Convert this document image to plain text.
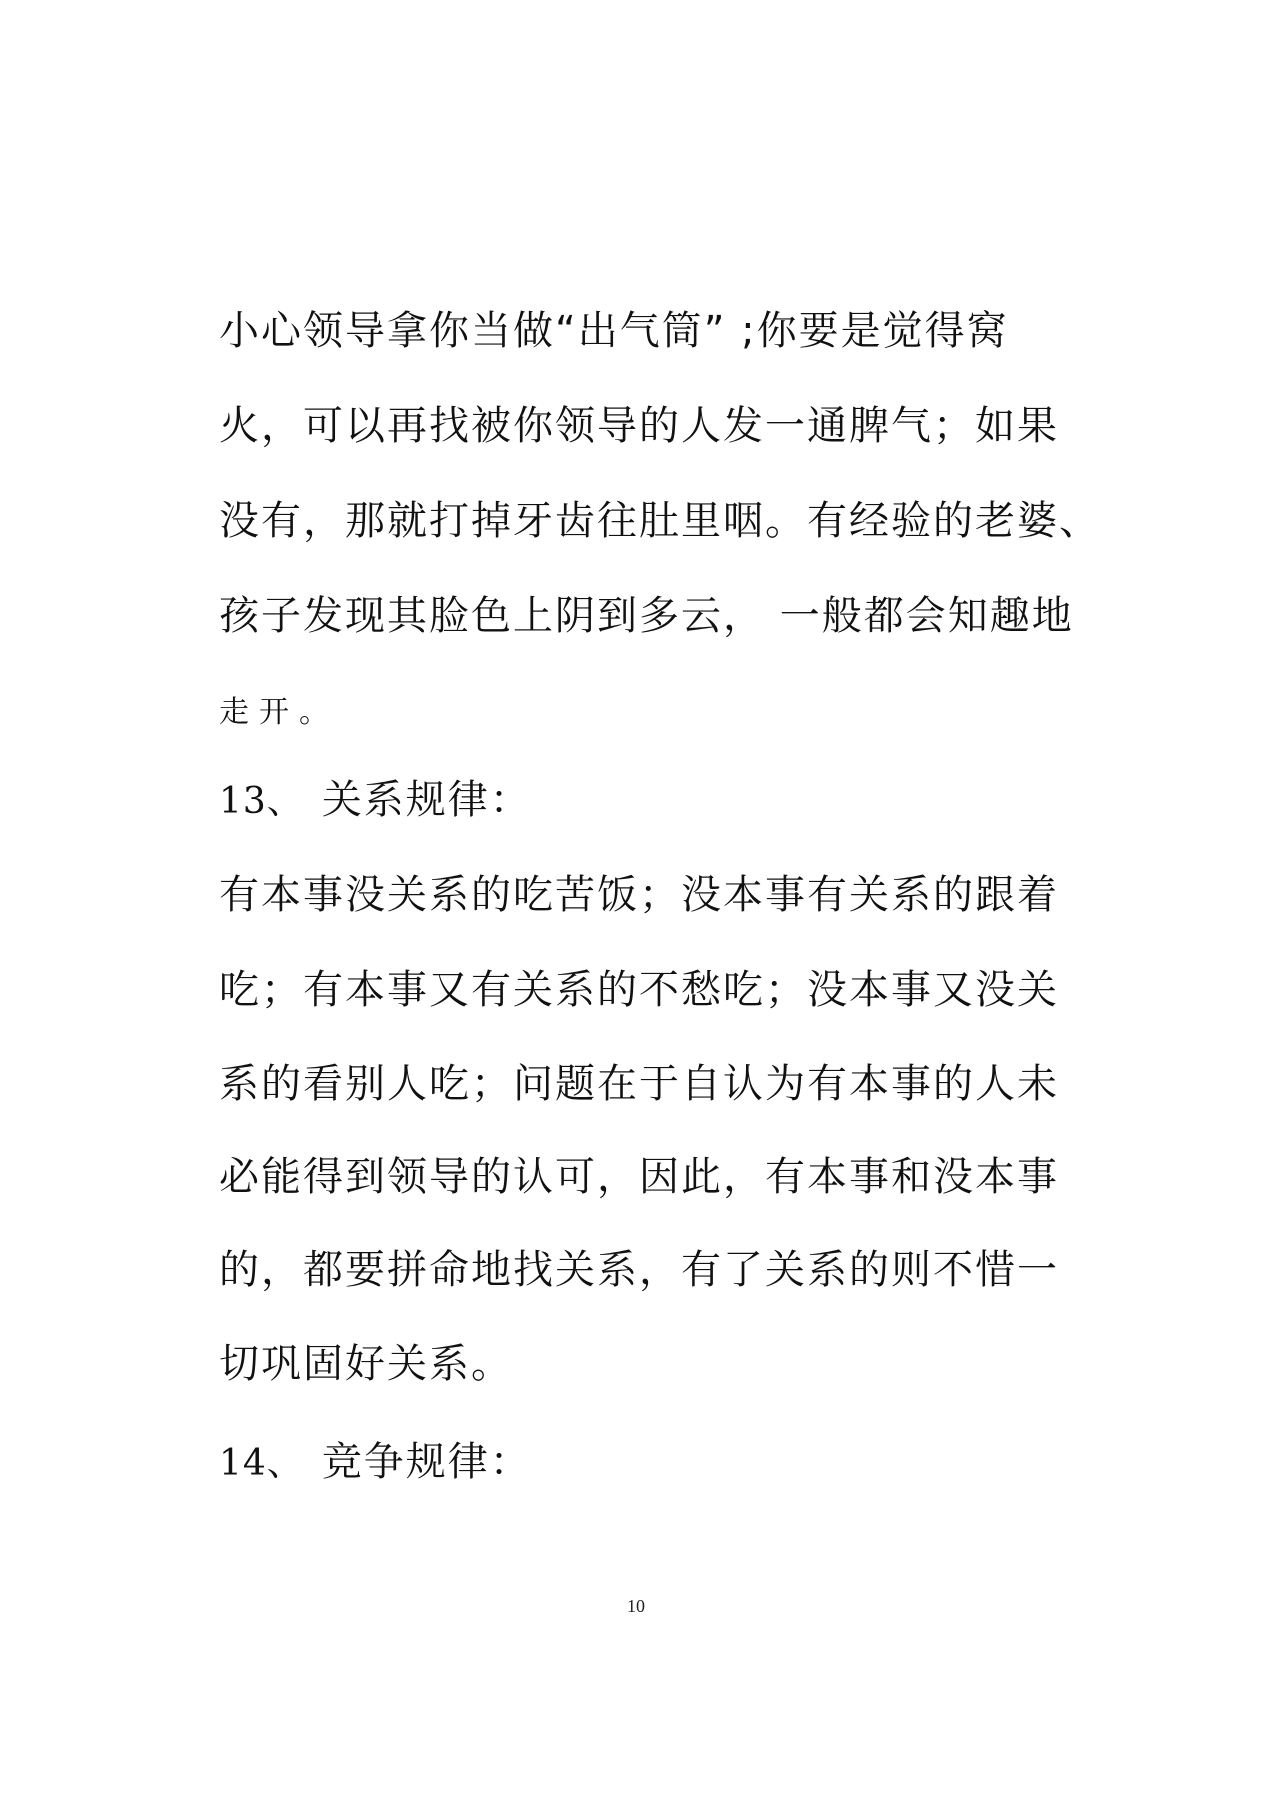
小心领导拿你当做“出气筒” ;你要是觉得窝
火，可以再找被你领导的人发一通脾气；如果
没有，那就打掉牙齿往肚里咽。有经验的老婆、
孩子发现其脸色上阴到多云， 一般都会知趣地
走开。
13、 关系规律：
有本事没关系的吃苦饭；没本事有关系的跟着
吃；有本事又有关系的不愁吃；没本事又没关
系的看别人吃；问题在于自认为有本事的人未
必能得到领导的认可，因此，有本事和没本事
的，都要拼命地找关系，有了关系的则不惜一
切巩固好关系。
14、 竞争规律：
10
